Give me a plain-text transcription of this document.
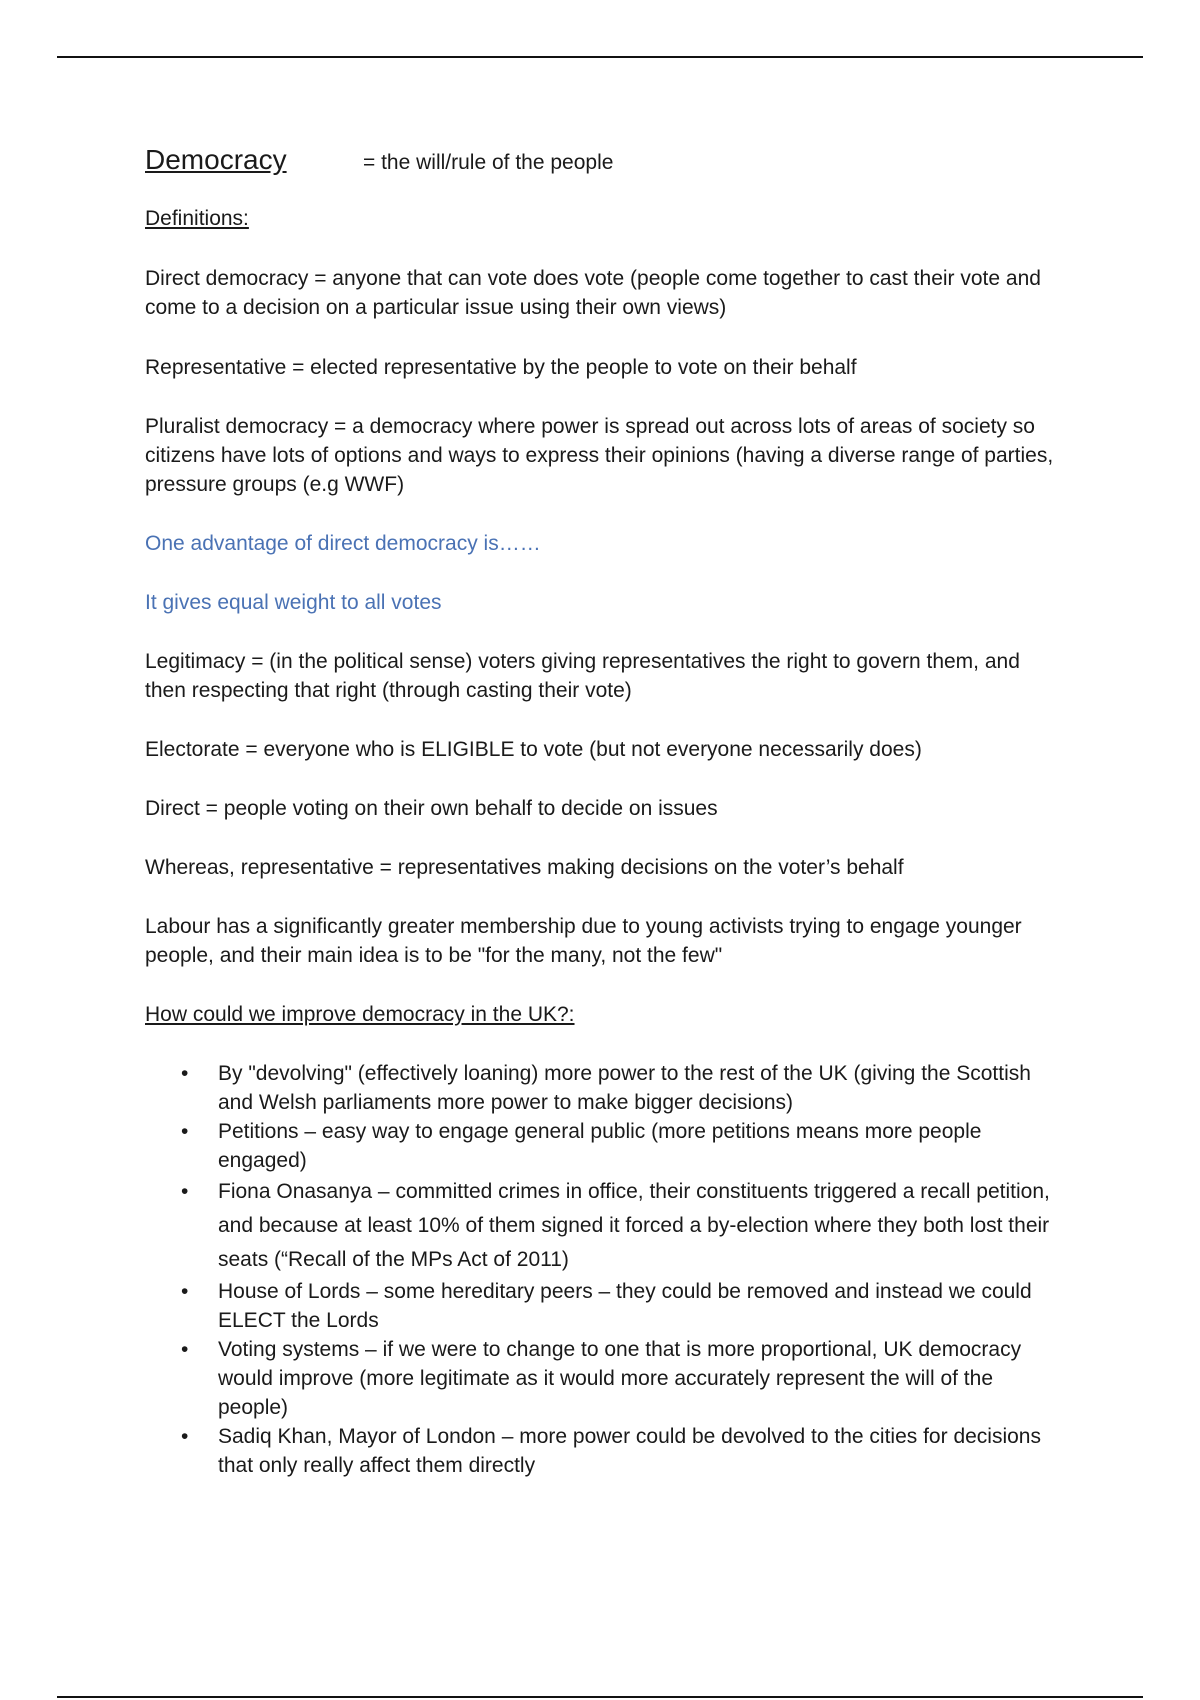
Democracy	= the will/rule of the people

Definitions:

Direct democracy = anyone that can vote does vote (people come together to cast their vote and come to a decision on a particular issue using their own views)

Representative = elected representative by the people to vote on their behalf

Pluralist democracy = a democracy where power is spread out across lots of areas of society so citizens have lots of options and ways to express their opinions (having a diverse range of parties, pressure groups (e.g WWF)

One advantage of direct democracy is……

It gives equal weight to all votes

Legitimacy = (in the political sense) voters giving representatives the right to govern them, and then respecting that right (through casting their vote)

Electorate = everyone who is ELIGIBLE to vote (but not everyone necessarily does)

Direct = people voting on their own behalf to decide on issues

Whereas, representative = representatives making decisions on the voter’s behalf

Labour has a significantly greater membership due to young activists trying to engage younger people, and their main idea is to be "for the many, not the few"

How could we improve democracy in the UK?:

• By "devolving" (effectively loaning) more power to the rest of the UK (giving the Scottish and Welsh parliaments more power to make bigger decisions)
• Petitions – easy way to engage general public (more petitions means more people engaged)
• Fiona Onasanya – committed crimes in office, their constituents triggered a recall petition, and because at least 10% of them signed it forced a by-election where they both lost their seats (“Recall of the MPs Act of 2011)
• House of Lords – some hereditary peers – they could be removed and instead we could ELECT the Lords
• Voting systems – if we were to change to one that is more proportional, UK democracy would improve (more legitimate as it would more accurately represent the will of the people)
• Sadiq Khan, Mayor of London – more power could be devolved to the cities for decisions that only really affect them directly
